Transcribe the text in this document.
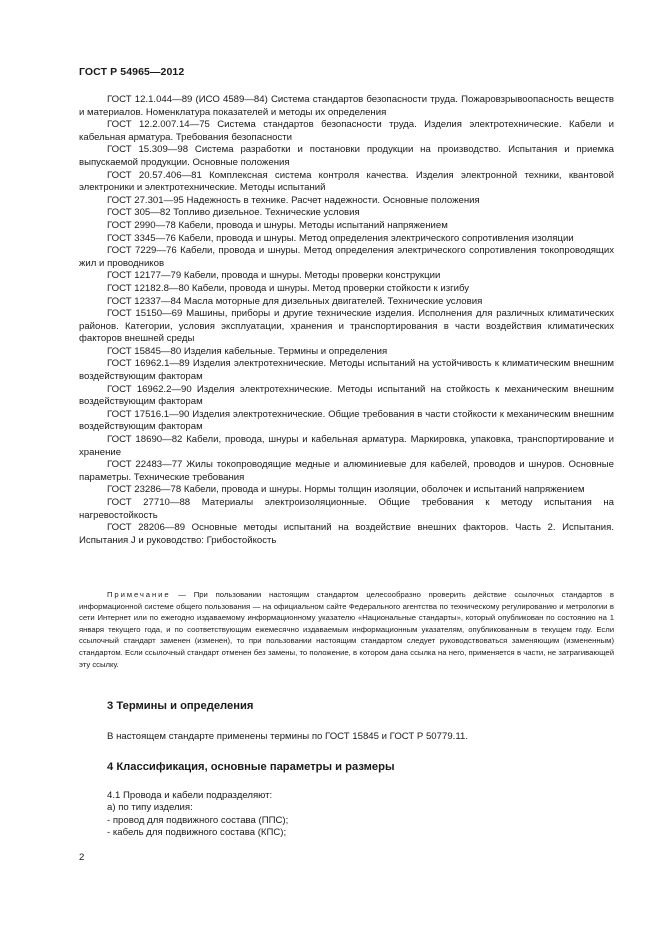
ГОСТ Р 54965—2012

ГОСТ 12.1.044—89 (ИСО 4589—84) Система стандартов безопасности труда. Пожаровзрывоопасность веществ и материалов. Номенклатура показателей и методы их определения

ГОСТ 12.2.007.14—75 Система стандартов безопасности труда. Изделия электротехнические. Кабели и кабельная арматура. Требования безопасности

ГОСТ 15.309—98 Система разработки и постановки продукции на производство. Испытания и приемка выпускаемой продукции. Основные положения

ГОСТ 20.57.406—81 Комплексная система контроля качества. Изделия электронной техники, квантовой электроники и электротехнические. Методы испытаний

ГОСТ 27.301—95 Надежность в технике. Расчет надежности. Основные положения

ГОСТ 305—82 Топливо дизельное. Технические условия

ГОСТ 2990—78 Кабели, провода и шнуры. Методы испытаний напряжением

ГОСТ 3345—76 Кабели, провода и шнуры. Метод определения электрического сопротивления изоляции

ГОСТ 7229—76 Кабели, провода и шнуры. Метод определения электрического сопротивления токопроводящих жил и проводников

ГОСТ 12177—79 Кабели, провода и шнуры. Методы проверки конструкции

ГОСТ 12182.8—80 Кабели, провода и шнуры. Метод проверки стойкости к изгибу

ГОСТ 12337—84 Масла моторные для дизельных двигателей. Технические условия

ГОСТ 15150—69 Машины, приборы и другие технические изделия. Исполнения для различных климатических районов. Категории, условия эксплуатации, хранения и транспортирования в части воздействия климатических факторов внешней среды

ГОСТ 15845—80 Изделия кабельные. Термины и определения

ГОСТ 16962.1—89 Изделия электротехнические. Методы испытаний на устойчивость к климатическим внешним воздействующим факторам

ГОСТ 16962.2—90 Изделия электротехнические. Методы испытаний на стойкость к механическим внешним воздействующим факторам

ГОСТ 17516.1—90 Изделия электротехнические. Общие требования в части стойкости к механическим внешним воздействующим факторам

ГОСТ 18690—82 Кабели, провода, шнуры и кабельная арматура. Маркировка, упаковка, транспортирование и хранение

ГОСТ 22483—77 Жилы токопроводящие медные и алюминиевые для кабелей, проводов и шнуров. Основные параметры. Технические требования

ГОСТ 23286—78 Кабели, провода и шнуры. Нормы толщин изоляции, оболочек и испытаний напряжением

ГОСТ 27710—88 Материалы электроизоляционные. Общие требования к методу испытания на нагревостойкость

ГОСТ 28206—89 Основные методы испытаний на воздействие внешних факторов. Часть 2. Испытания. Испытания J и руководство: Грибостойкость

Примечание — При пользовании настоящим стандартом целесообразно проверить действие ссылочных стандартов в информационной системе общего пользования — на официальном сайте Федерального агентства по техническому регулированию и метрологии в сети Интернет или по ежегодно издаваемому информационному указателю «Национальные стандарты», который опубликован по состоянию на 1 января текущего года, и по соответствующим ежемесячно издаваемым информационным указателям, опубликованным в текущем году. Если ссылочный стандарт заменен (изменен), то при пользовании настоящим стандартом следует руководствоваться заменяющим (измененным) стандартом. Если ссылочный стандарт отменен без замены, то положение, в котором дана ссылка на него, применяется в части, не затрагивающей эту ссылку.

3 Термины и определения

В настоящем стандарте применены термины по ГОСТ 15845 и ГОСТ Р 50779.11.

4 Классификация, основные параметры и размеры

4.1 Провода и кабели подразделяют:

а) по типу изделия:

- провод для подвижного состава (ППС);

- кабель для подвижного состава (КПС);

2
